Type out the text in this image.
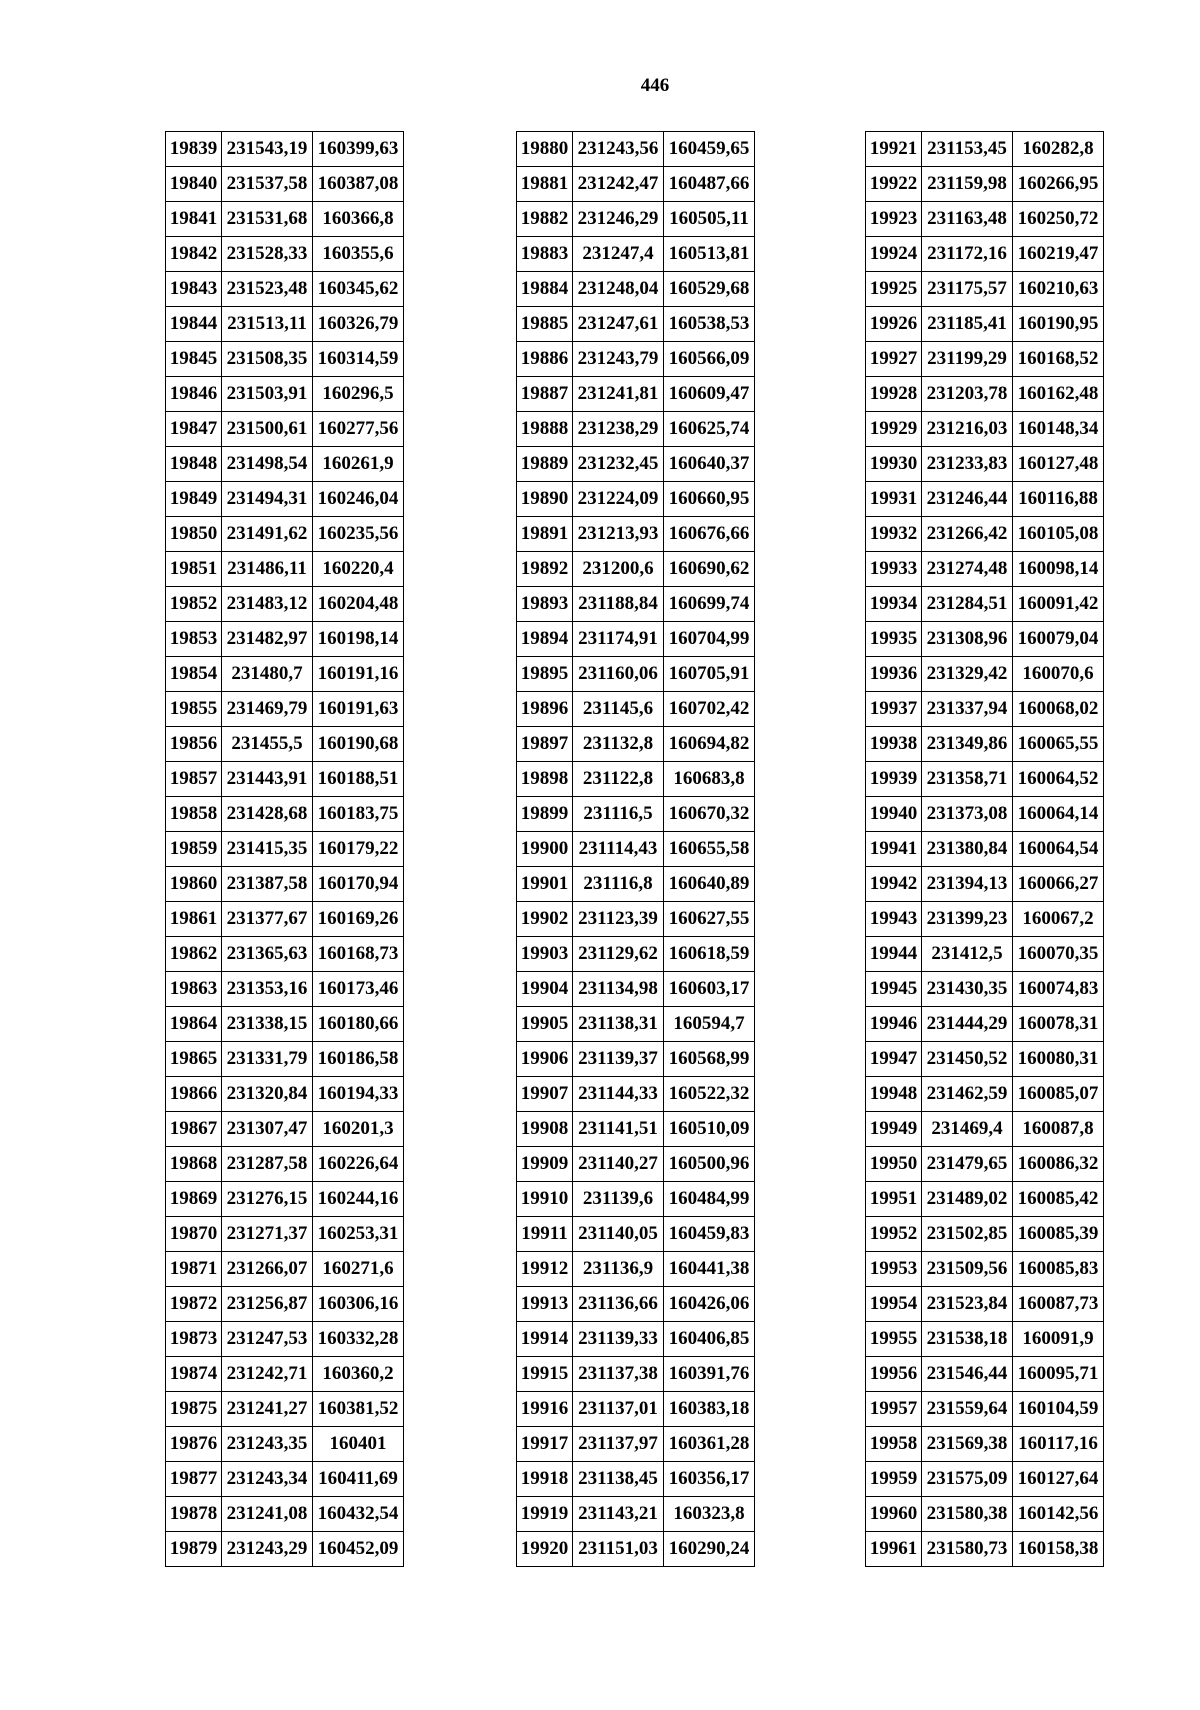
446
19839	231543,19	160399,63
19840	231537,58	160387,08
19841	231531,68	160366,8
19842	231528,33	160355,6
19843	231523,48	160345,62
19844	231513,11	160326,79
19845	231508,35	160314,59
19846	231503,91	160296,5
19847	231500,61	160277,56
19848	231498,54	160261,9
19849	231494,31	160246,04
19850	231491,62	160235,56
19851	231486,11	160220,4
19852	231483,12	160204,48
19853	231482,97	160198,14
19854	231480,7	160191,16
19855	231469,79	160191,63
19856	231455,5	160190,68
19857	231443,91	160188,51
19858	231428,68	160183,75
19859	231415,35	160179,22
19860	231387,58	160170,94
19861	231377,67	160169,26
19862	231365,63	160168,73
19863	231353,16	160173,46
19864	231338,15	160180,66
19865	231331,79	160186,58
19866	231320,84	160194,33
19867	231307,47	160201,3
19868	231287,58	160226,64
19869	231276,15	160244,16
19870	231271,37	160253,31
19871	231266,07	160271,6
19872	231256,87	160306,16
19873	231247,53	160332,28
19874	231242,71	160360,2
19875	231241,27	160381,52
19876	231243,35	160401
19877	231243,34	160411,69
19878	231241,08	160432,54
19879	231243,29	160452,09
19880	231243,56	160459,65
19881	231242,47	160487,66
19882	231246,29	160505,11
19883	231247,4	160513,81
19884	231248,04	160529,68
19885	231247,61	160538,53
19886	231243,79	160566,09
19887	231241,81	160609,47
19888	231238,29	160625,74
19889	231232,45	160640,37
19890	231224,09	160660,95
19891	231213,93	160676,66
19892	231200,6	160690,62
19893	231188,84	160699,74
19894	231174,91	160704,99
19895	231160,06	160705,91
19896	231145,6	160702,42
19897	231132,8	160694,82
19898	231122,8	160683,8
19899	231116,5	160670,32
19900	231114,43	160655,58
19901	231116,8	160640,89
19902	231123,39	160627,55
19903	231129,62	160618,59
19904	231134,98	160603,17
19905	231138,31	160594,7
19906	231139,37	160568,99
19907	231144,33	160522,32
19908	231141,51	160510,09
19909	231140,27	160500,96
19910	231139,6	160484,99
19911	231140,05	160459,83
19912	231136,9	160441,38
19913	231136,66	160426,06
19914	231139,33	160406,85
19915	231137,38	160391,76
19916	231137,01	160383,18
19917	231137,97	160361,28
19918	231138,45	160356,17
19919	231143,21	160323,8
19920	231151,03	160290,24
19921	231153,45	160282,8
19922	231159,98	160266,95
19923	231163,48	160250,72
19924	231172,16	160219,47
19925	231175,57	160210,63
19926	231185,41	160190,95
19927	231199,29	160168,52
19928	231203,78	160162,48
19929	231216,03	160148,34
19930	231233,83	160127,48
19931	231246,44	160116,88
19932	231266,42	160105,08
19933	231274,48	160098,14
19934	231284,51	160091,42
19935	231308,96	160079,04
19936	231329,42	160070,6
19937	231337,94	160068,02
19938	231349,86	160065,55
19939	231358,71	160064,52
19940	231373,08	160064,14
19941	231380,84	160064,54
19942	231394,13	160066,27
19943	231399,23	160067,2
19944	231412,5	160070,35
19945	231430,35	160074,83
19946	231444,29	160078,31
19947	231450,52	160080,31
19948	231462,59	160085,07
19949	231469,4	160087,8
19950	231479,65	160086,32
19951	231489,02	160085,42
19952	231502,85	160085,39
19953	231509,56	160085,83
19954	231523,84	160087,73
19955	231538,18	160091,9
19956	231546,44	160095,71
19957	231559,64	160104,59
19958	231569,38	160117,16
19959	231575,09	160127,64
19960	231580,38	160142,56
19961	231580,73	160158,38
